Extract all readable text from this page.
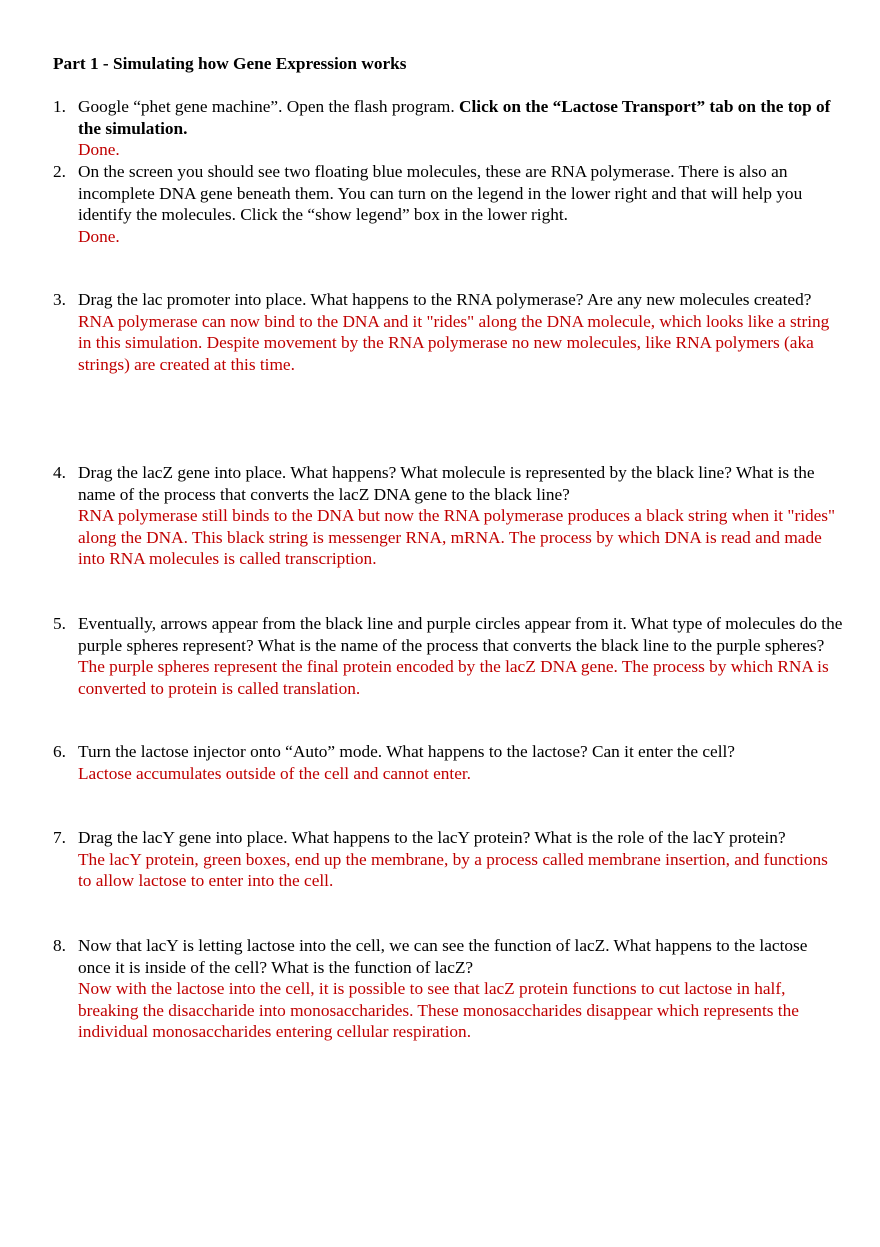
Part 1 - Simulating how Gene Expression works
1. Google “phet gene machine”. Open the flash program. Click on the “Lactose Transport” tab on the top of the simulation.
Done.
2. On the screen you should see two floating blue molecules, these are RNA polymerase. There is also an incomplete DNA gene beneath them. You can turn on the legend in the lower right and that will help you identify the molecules. Click the “show legend” box in the lower right.
Done.
3. Drag the lac promoter into place. What happens to the RNA polymerase? Are any new molecules created?
RNA polymerase can now bind to the DNA and it "rides" along the DNA molecule, which looks like a string in this simulation. Despite movement by the RNA polymerase no new molecules, like RNA polymers (aka strings) are created at this time.
4. Drag the lacZ gene into place. What happens? What molecule is represented by the black line? What is the name of the process that converts the lacZ DNA gene to the black line?
RNA polymerase still binds to the DNA but now the RNA polymerase produces a black string when it "rides" along the DNA. This black string is messenger RNA, mRNA. The process by which DNA is read and made into RNA molecules is called transcription.
5. Eventually, arrows appear from the black line and purple circles appear from it. What type of molecules do the purple spheres represent? What is the name of the process that converts the black line to the purple spheres?
The purple spheres represent the final protein encoded by the lacZ DNA gene. The process by which RNA is converted to protein is called translation.
6. Turn the lactose injector onto “Auto” mode. What happens to the lactose? Can it enter the cell?
Lactose accumulates outside of the cell and cannot enter.
7. Drag the lacY gene into place. What happens to the lacY protein? What is the role of the lacY protein?
The lacY protein, green boxes, end up the membrane, by a process called membrane insertion, and functions to allow lactose to enter into the cell.
8. Now that lacY is letting lactose into the cell, we can see the function of lacZ. What happens to the lactose once it is inside of the cell? What is the function of lacZ?
Now with the lactose into the cell, it is possible to see that lacZ protein functions to cut lactose in half, breaking the disaccharide into monosaccharides. These monosaccharides disappear which represents the individual monosaccharides entering cellular respiration.
